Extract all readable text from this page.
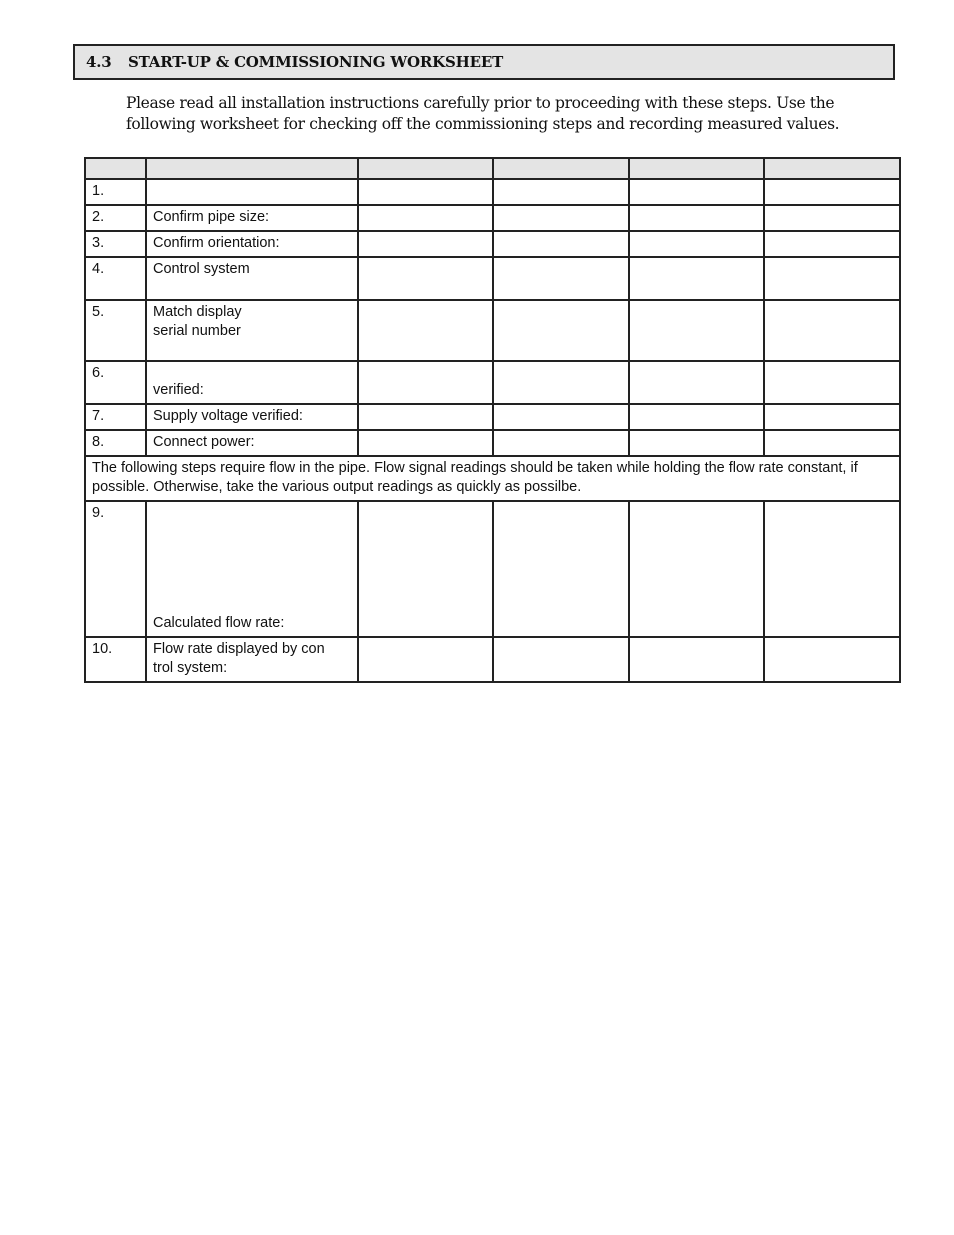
4.3	START-UP & COMMISSIONING WORKSHEET
Please read all installation instructions carefully prior to proceeding with these steps. Use the
following worksheet for checking off the commissioning steps and recording measured values.

1.					
2.	Confirm pipe size:				
3.	Confirm orientation:				
4.	Control system				
5.	Match display
serial number				
6.	verified:				
7.	Supply voltage verified:				
8.	Connect power:				
The following steps require flow in the pipe. Flow signal readings should be taken while holding the flow rate constant, if possible. Otherwise, take the various output readings as quickly as possilbe.					
9.	Calculated flow rate:				
10.	Flow rate displayed by con
trol system:				
